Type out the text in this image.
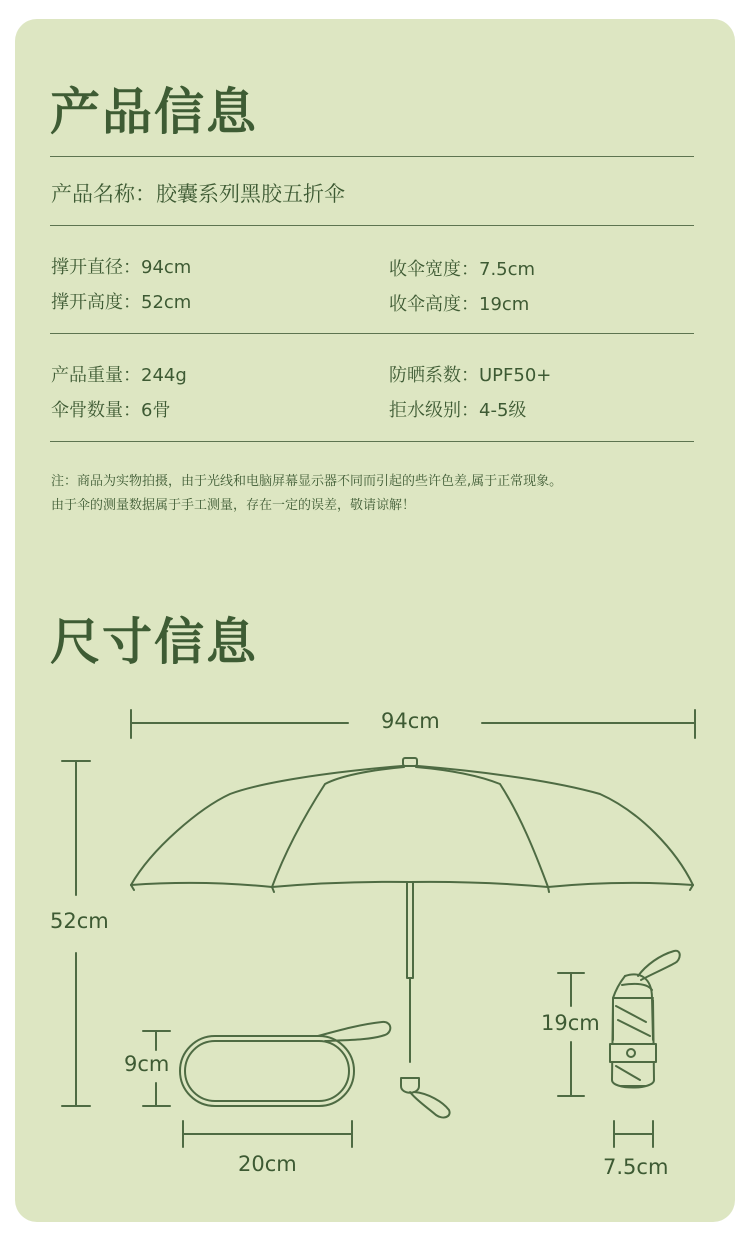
产品信息
产品名称：胶囊系列黑胶五折伞
撑开直径：94cm	收伞宽度：7.5cm
撑开高度：52cm	收伞高度：19cm
产品重量：244g	防晒系数：UPF50+
伞骨数量：6骨	拒水级别：4-5级
注：商品为实物拍摄，由于光线和电脑屏幕显示器不同而引起的些许色差,属于正常现象。
由于伞的测量数据属于手工测量，存在一定的误差，敬请谅解！
尺寸信息
94cm
52cm
9cm
20cm
19cm
7.5cm
